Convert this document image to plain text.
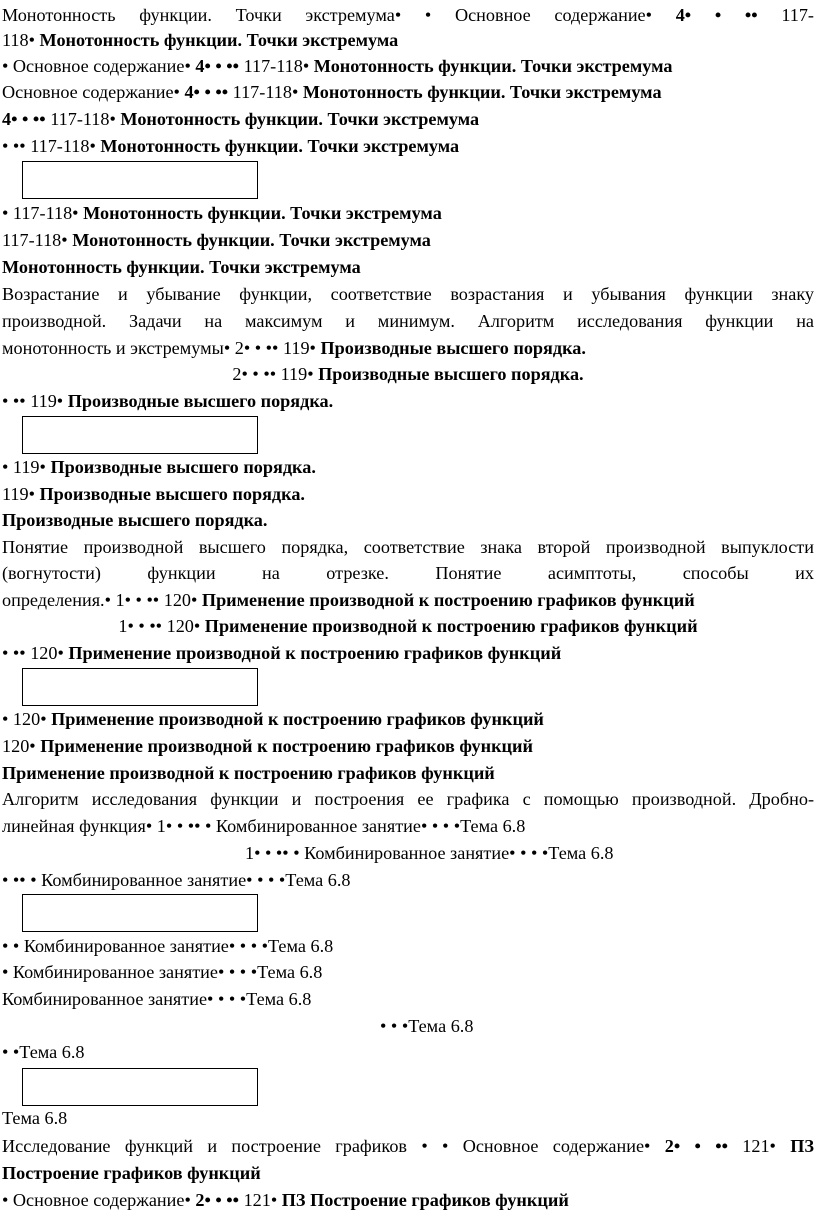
Монотонность функции. Точки экстремума• • Основное содержание• 4• • •• 117-
118• Монотонность функции. Точки экстремума
• Основное содержание• 4• • •• 117-118• Монотонность функции. Точки экстремума
Основное содержание• 4• • •• 117-118• Монотонность функции. Точки экстремума
4• • •• 117-118• Монотонность функции. Точки экстремума
• •• 117-118• Монотонность функции. Точки экстремума
• 117-118• Монотонность функции. Точки экстремума
117-118• Монотонность функции. Точки экстремума
Монотонность функции. Точки экстремума
Возрастание и убывание функции, соответствие возрастания и убывания функции знаку
производной. Задачи на максимум и минимум. Алгоритм исследования функции на
монотонность и экстремумы• 2• • •• 119• Производные высшего порядка.
2• • •• 119• Производные высшего порядка.
• •• 119• Производные высшего порядка.
• 119• Производные высшего порядка.
119• Производные высшего порядка.
Производные высшего порядка.
Понятие производной высшего порядка, соответствие знака второй производной выпуклости
(вогнутости) функции на отрезке. Понятие асимптоты, способы их
определения.• 1• • •• 120• Применение производной к построению графиков функций
1• • •• 120• Применение производной к построению графиков функций
• •• 120• Применение производной к построению графиков функций
• 120• Применение производной к построению графиков функций
120• Применение производной к построению графиков функций
Применение производной к построению графиков функций
Алгоритм исследования функции и построения ее графика с помощью производной. Дробно-
линейная функция• 1• • •• • Комбинированное занятие• • • •Тема 6.8
1• • •• • Комбинированное занятие• • • •Тема 6.8
• •• • Комбинированное занятие• • • •Тема 6.8
• • Комбинированное занятие• • • •Тема 6.8
• Комбинированное занятие• • • •Тема 6.8
Комбинированное занятие• • • •Тема 6.8
• • •Тема 6.8
• •Тема 6.8
Тема 6.8
Исследование функций и построение графиков • • Основное содержание• 2• • •• 121• ПЗ
Построение графиков функций
• Основное содержание• 2• • •• 121• ПЗ Построение графиков функций
